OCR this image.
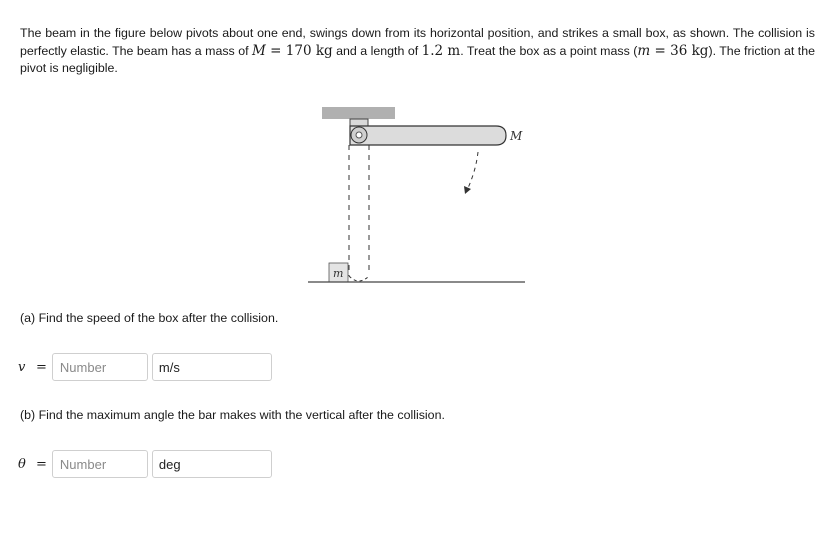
The beam in the figure below pivots about one end, swings down from its horizontal position, and strikes a small box, as shown. The collision is perfectly elastic. The beam has a mass of M = 170 kg and a length of 1.2 m. Treat the box as a point mass (m = 36 kg). The friction at the pivot is negligible.
M
m
(a) Find the speed of the box after the collision.
v =
Number	m/s
(b) Find the maximum angle the bar makes with the vertical after the collision.
θ =
Number	deg
